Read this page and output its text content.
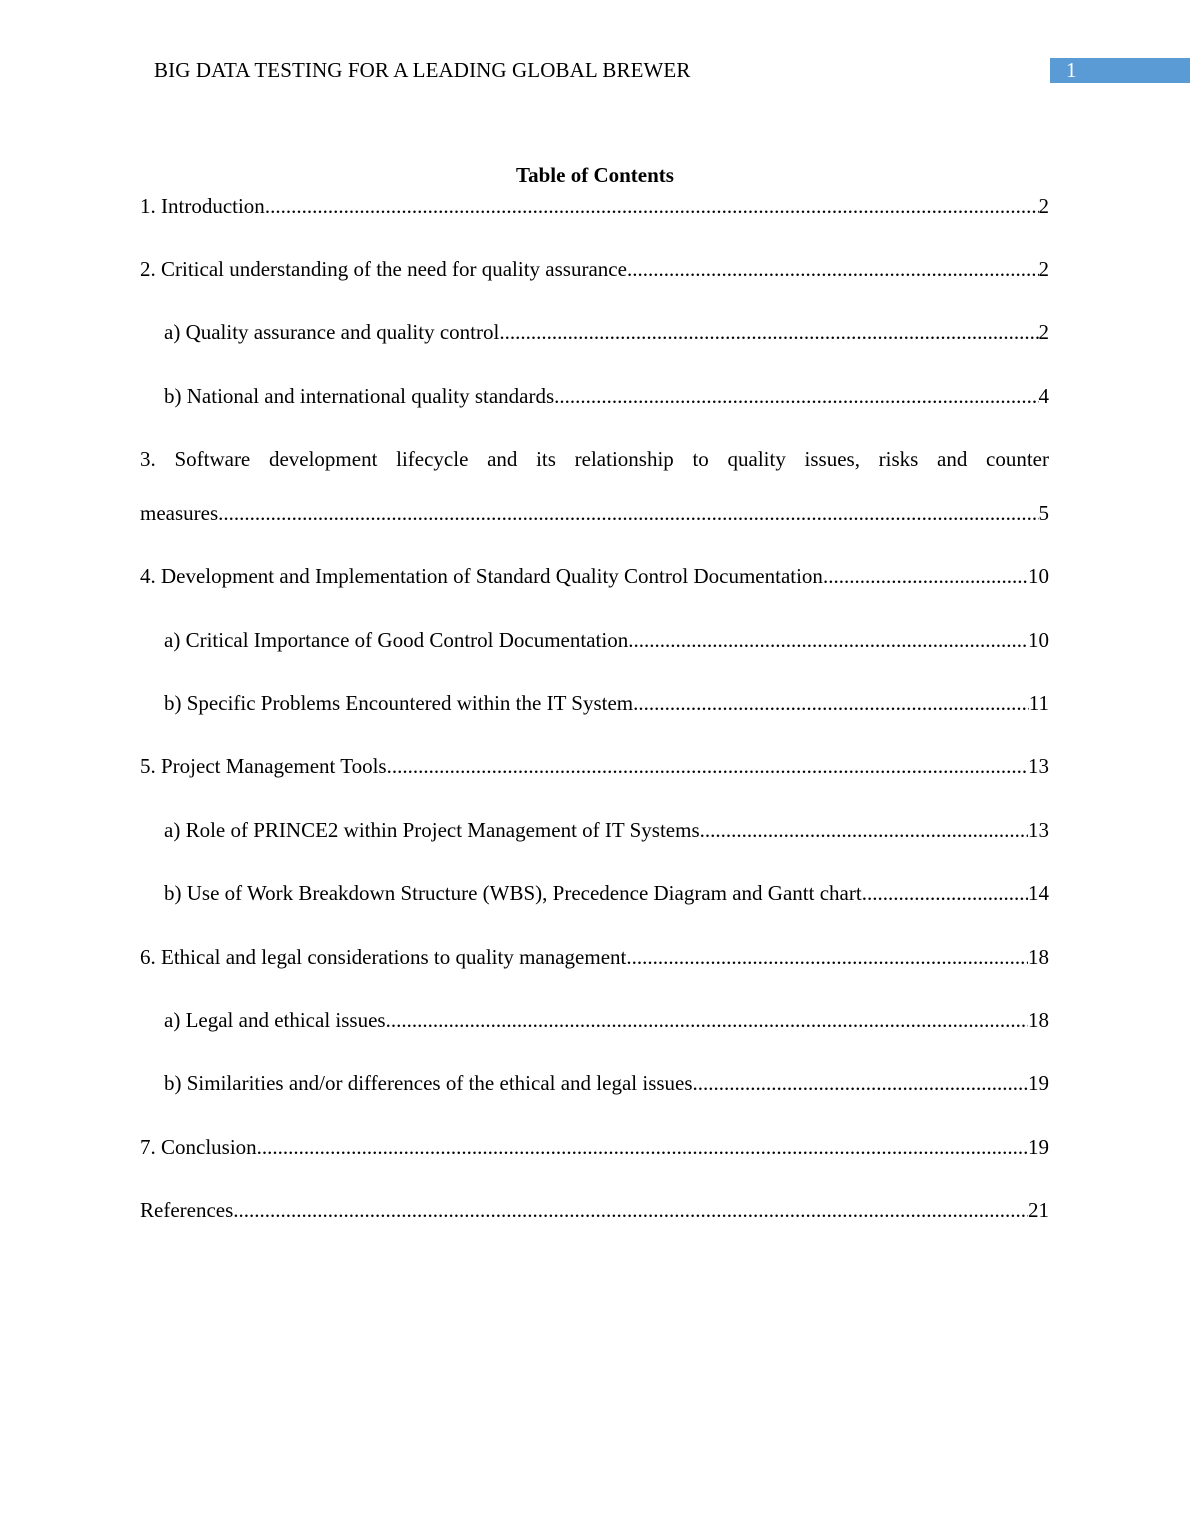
BIG DATA TESTING FOR A LEADING GLOBAL BREWER	1
Table of Contents
1. Introduction .....	2
2. Critical understanding of the need for quality assurance .....	2
a) Quality assurance and quality control .....	2
b) National and international quality standards .....	4
3. Software development lifecycle and its relationship to quality issues, risks and counter
measures .....	5
4. Development and Implementation of Standard Quality Control Documentation .....	10
a) Critical Importance of Good Control Documentation .....	10
b) Specific Problems Encountered within the IT System .....	11
5. Project Management Tools .....	13
a) Role of PRINCE2 within Project Management of IT Systems .....	13
b) Use of Work Breakdown Structure (WBS), Precedence Diagram and Gantt chart .....	14
6. Ethical and legal considerations to quality management .....	18
a) Legal and ethical issues .....	18
b) Similarities and/or differences of the ethical and legal issues .....	19
7. Conclusion .....	19
References .....	21
